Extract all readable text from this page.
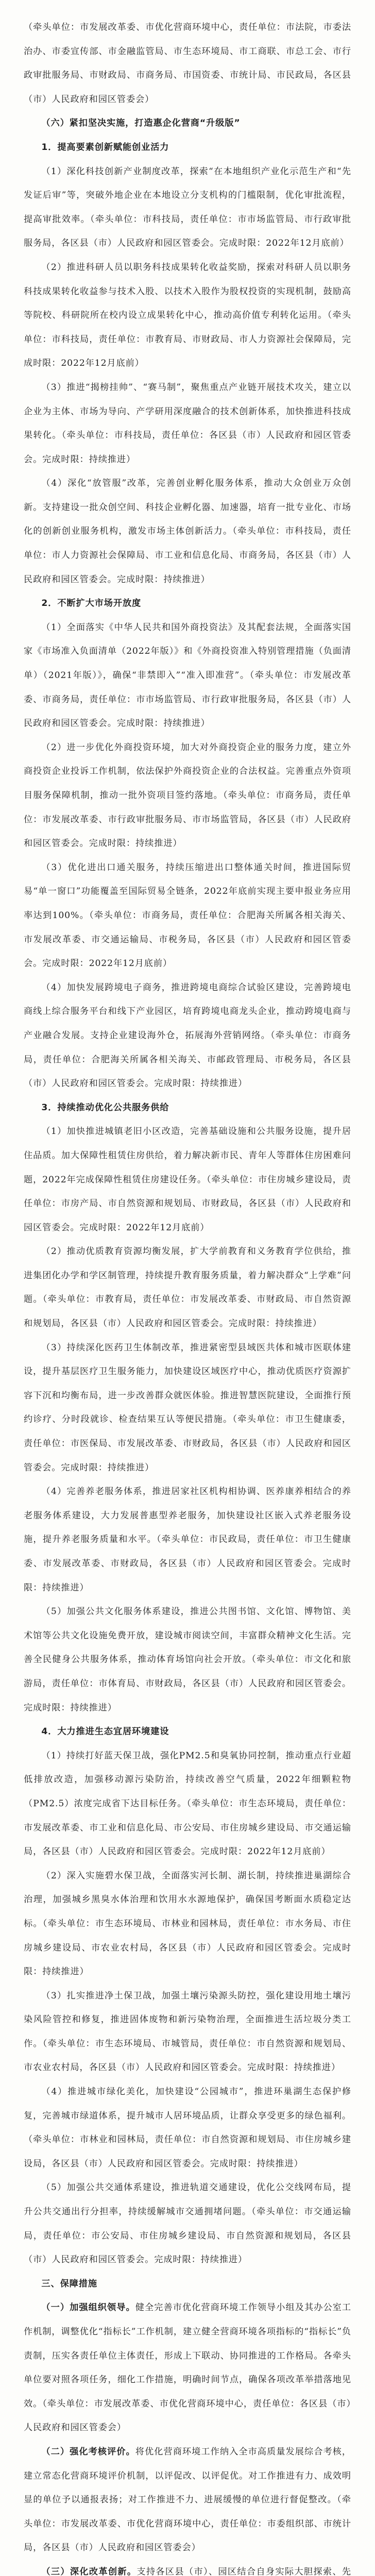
（牵头单位：市发展改革委、市优化营商环境中心，责任单位：市法院，市委法治办、市委宣传部、市金融监管局、市生态环境局、市工商联、市总工会、市行政审批服务局、市财政局、市商务局、市国资委、市统计局、市民政局，各区县（市）人民政府和园区管委会）

（六）紧扣坚决实施，打造惠企化营商“升级版”

1．提高要素创新赋能创业活力

（1）深化科技创新产业制度改革，探索“在本地组织产业化示范生产和“先发证后审”等，突破外地企业在本地设立分支机构的门槛限制，优化审批流程，提高审批效率。（牵头单位：市科技局，责任单位：市市场监管局、市行政审批服务局，各区县（市）人民政府和园区管委会。完成时限：2022年12月底前）

（2）推进科研人员以职务科技成果转化收益奖励，探索对科研人员以职务科技成果转化收益参与技术入股、以技术入股作为股权投资的实现机制，鼓励高等院校、科研院所在校内设立成果转化中心，推动高价值专利转化运用。（牵头单位：市科技局，责任单位：市教育局、市财政局、市人力资源社会保障局，完成时限：2022年12月底前）

（3）推进“揭榜挂帅”、“赛马制”，聚焦重点产业链开展技术攻关，建立以企业为主体、市场为导向、产学研用深度融合的技术创新体系，加快推进科技成果转化。（牵头单位：市科技局，责任单位：各区县（市）人民政府和园区管委会。完成时限：持续推进）

（4）深化“放管服”改革，完善创业孵化服务体系，推动大众创业万众创新。支持建设一批众创空间、科技企业孵化器、加速器，培育一批专业化、市场化的创新创业服务机构，激发市场主体创新活力。（牵头单位：市科技局，责任单位：市人力资源社会保障局、市工业和信息化局、市商务局，各区县（市）人民政府和园区管委会。完成时限：持续推进）

2．不断扩大市场开放度

（1）全面落实《中华人民共和国外商投资法》及其配套法规，全面落实国家《市场准入负面清单（2022年版）》和《外商投资准入特别管理措施（负面清单）（2021年版）》，确保“非禁即入”“准入即准营”。（牵头单位：市发展改革委、市商务局，责任单位：市市场监管局、市行政审批服务局，各区县（市）人民政府和园区管委会。完成时限：持续推进）

（2）进一步优化外商投资环境，加大对外商投资企业的服务力度，建立外商投资企业投诉工作机制，依法保护外商投资企业的合法权益。完善重点外资项目服务保障机制，推动一批外资项目签约落地。（牵头单位：市商务局，责任单位：市发展改革委、市行政审批服务局、市市场监管局，各区县（市）人民政府和园区管委会。完成时限：持续推进）

（3）优化进出口通关服务，持续压缩进出口整体通关时间，推进国际贸易“单一窗口”功能覆盖至国际贸易全链条，2022年底前实现主要申报业务应用率达到100%。（牵头单位：市商务局，责任单位：合肥海关所属各相关海关、市发展改革委、市交通运输局、市税务局，各区县（市）人民政府和园区管委会。完成时限：2022年12月底前）

（4）加快发展跨境电子商务，推进跨境电商综合试验区建设，完善跨境电商线上综合服务平台和线下产业园区，培育跨境电商龙头企业，推动跨境电商与产业融合发展。支持企业建设海外仓，拓展海外营销网络。（牵头单位：市商务局，责任单位：合肥海关所属各相关海关、市邮政管理局、市税务局，各区县（市）人民政府和园区管委会。完成时限：持续推进）

3．持续推动优化公共服务供给

（1）加快推进城镇老旧小区改造，完善基础设施和公共服务设施，提升居住品质。加大保障性租赁住房供给，着力解决新市民、青年人等群体住房困难问题，2022年完成保障性租赁住房建设任务。（牵头单位：市住房城乡建设局，责任单位：市房产局、市自然资源和规划局、市财政局，各区县（市）人民政府和园区管委会。完成时限：2022年12月底前）

（2）推动优质教育资源均衡发展，扩大学前教育和义务教育学位供给，推进集团化办学和学区制管理，持续提升教育服务质量，着力解决群众“上学难”问题。（牵头单位：市教育局，责任单位：市发展改革委、市财政局、市自然资源和规划局，各区县（市）人民政府和园区管委会。完成时限：持续推进）

（3）持续深化医药卫生体制改革，推进紧密型县域医共体和城市医联体建设，提升基层医疗卫生服务能力，加快建设区域医疗中心，推动优质医疗资源扩容下沉和均衡布局，进一步改善群众就医体验。推进智慧医院建设，全面推行预约诊疗、分时段就诊、检查结果互认等便民措施。（牵头单位：市卫生健康委，责任单位：市医保局、市发展改革委、市财政局，各区县（市）人民政府和园区管委会。完成时限：持续推进）

（4）完善养老服务体系，推进居家社区机构相协调、医养康养相结合的养老服务体系建设，大力发展普惠型养老服务，加快建设社区嵌入式养老服务设施，提升养老服务质量和水平。（牵头单位：市民政局，责任单位：市卫生健康委、市发展改革委、市财政局，各区县（市）人民政府和园区管委会。完成时限：持续推进）

（5）加强公共文化服务体系建设，推进公共图书馆、文化馆、博物馆、美术馆等公共文化设施免费开放，建设城市阅读空间，丰富群众精神文化生活。完善全民健身公共服务体系，推动体育场馆向社会开放。（牵头单位：市文化和旅游局，责任单位：市体育局、市财政局，各区县（市）人民政府和园区管委会。完成时限：持续推进）

4．大力推进生态宜居环境建设

（1）持续打好蓝天保卫战，强化PM2.5和臭氧协同控制，推动重点行业超低排放改造，加强移动源污染防治，持续改善空气质量，2022年细颗粒物（PM2.5）浓度完成省下达目标任务。（牵头单位：市生态环境局，责任单位：市发展改革委、市工业和信息化局、市公安局、市住房城乡建设局、市交通运输局，各区县（市）人民政府和园区管委会。完成时限：2022年12月底前）

（2）深入实施碧水保卫战，全面落实河长制、湖长制，持续推进巢湖综合治理，加强城乡黑臭水体治理和饮用水水源地保护，确保国考断面水质稳定达标。（牵头单位：市生态环境局、市林业和园林局，责任单位：市水务局、市住房城乡建设局、市农业农村局，各区县（市）人民政府和园区管委会。完成时限：持续推进）

（3）扎实推进净土保卫战，加强土壤污染源头防控，强化建设用地土壤污染风险管控和修复，推进固体废物和新污染物治理，全面推进生活垃圾分类工作。（牵头单位：市生态环境局、市城管局，责任单位：市自然资源和规划局、市农业农村局，各区县（市）人民政府和园区管委会。完成时限：持续推进）

（4）推进城市绿化美化，加快建设“公园城市”，推进环巢湖生态保护修复，完善城市绿道体系，提升城市人居环境品质，让群众享受更多的绿色福利。（牵头单位：市林业和园林局，责任单位：市自然资源和规划局、市住房城乡建设局，各区县（市）人民政府和园区管委会。完成时限：持续推进）

（5）加强公共交通体系建设，推进轨道交通建设，优化公交线网布局，提升公共交通出行分担率，持续缓解城市交通拥堵问题。（牵头单位：市交通运输局，责任单位：市公安局、市住房城乡建设局、市自然资源和规划局，各区县（市）人民政府和园区管委会。完成时限：持续推进）

三、保障措施

（一）加强组织领导。健全完善市优化营商环境工作领导小组及其办公室工作机制，调整优化“指标长”工作机制，建立健全营商环境各项指标的“指标长”负责制，压实各责任单位主体责任，形成上下联动、协同推进的工作格局。各牵头单位要对照各项任务，细化工作措施，明确时间节点，确保各项改革举措落地见效。（牵头单位：市发展改革委、市优化营商环境中心，责任单位：各区县（市）人民政府和园区管委会）

（二）强化考核评价。将优化营商环境工作纳入全市高质量发展综合考核，建立常态化营商环境评价机制，以评促改、以评促优。对工作推进有力、成效明显的单位予以通报表扬；对工作推进不力、进展缓慢的单位进行督促整改。（牵头单位：市发展改革委、市优化营商环境中心，责任单位：市委组织部、市统计局，各区县（市）人民政府和园区管委会）

（三）深化改革创新。支持各区县（市）、园区结合自身实际大胆探索、先
